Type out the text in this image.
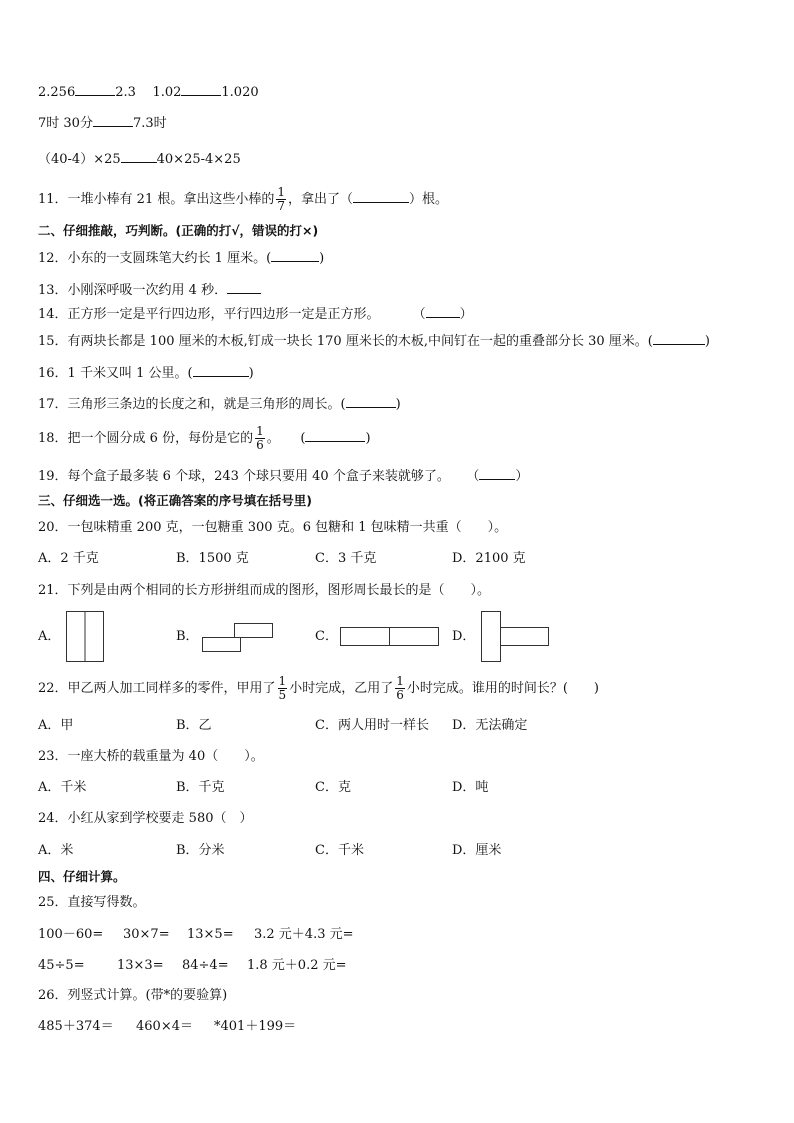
2.256	2.3 1.02	1.020
7时 30分	7.3时
（40-4）×25	40×25-4×25
11．一堆小棒有 21 根。拿出这些小棒的 $\frac{1}{7}$ ，拿出了（	）根。
二、仔细推敲，巧判断。(正确的打√，错误的打×)
12．小东的一支圆珠笔大约长 1 厘米。(	)
13．小刚深呼吸一次约用 4 秒．
14．正方形一定是平行四边形，平行四边形一定是正方形。	（	）
15．有两块长都是 100 厘米的木板,钉成一块长 170 厘米长的木板,中间钉在一起的重叠部分长 30 厘米。(	)
16．1 千米又叫 1 公里。(	)
17．三角形三条边的长度之和，就是三角形的周长。(	)
18．把一个圆分成 6 份，每份是它的 $\frac{1}{6}$ 。 (	)
19．每个盒子最多装 6 个球，243 个球只要用 40 个盒子来装就够了。 （	）
三、仔细选一选。(将正确答案的序号填在括号里)
20．一包味精重 200 克，一包糖重 300 克。6 包糖和 1 包味精一共重（　　）。
A．2 千克	B．1500 克	C．3 千克	D．2100 克
21．下列是由两个相同的长方形拼组而成的图形，图形周长最长的是（　　）。
A．	B．	C．	D．
22．甲乙两人加工同样多的零件，甲用了 $\frac{1}{5}$ 小时完成，乙用了 $\frac{1}{6}$ 小时完成。谁用的时间长？(　　)
A．甲	B．乙	C．两人用时一样长 D．无法确定
23．一座大桥的载重量为 40（　　）。
A．千米	B．千克	C．克	D．吨
24．小红从家到学校要走 580（　）
A．米	B．分米	C．千米	D．厘米
四、仔细计算。
25．直接写得数。
100－60= 30×7= 13×5= 3.2 元＋4.3 元=
45÷5= 13×3= 84÷4= 1.8 元＋0.2 元=
26．列竖式计算。(带*的要验算)
485＋374＝ 460×4＝ *401＋199＝
